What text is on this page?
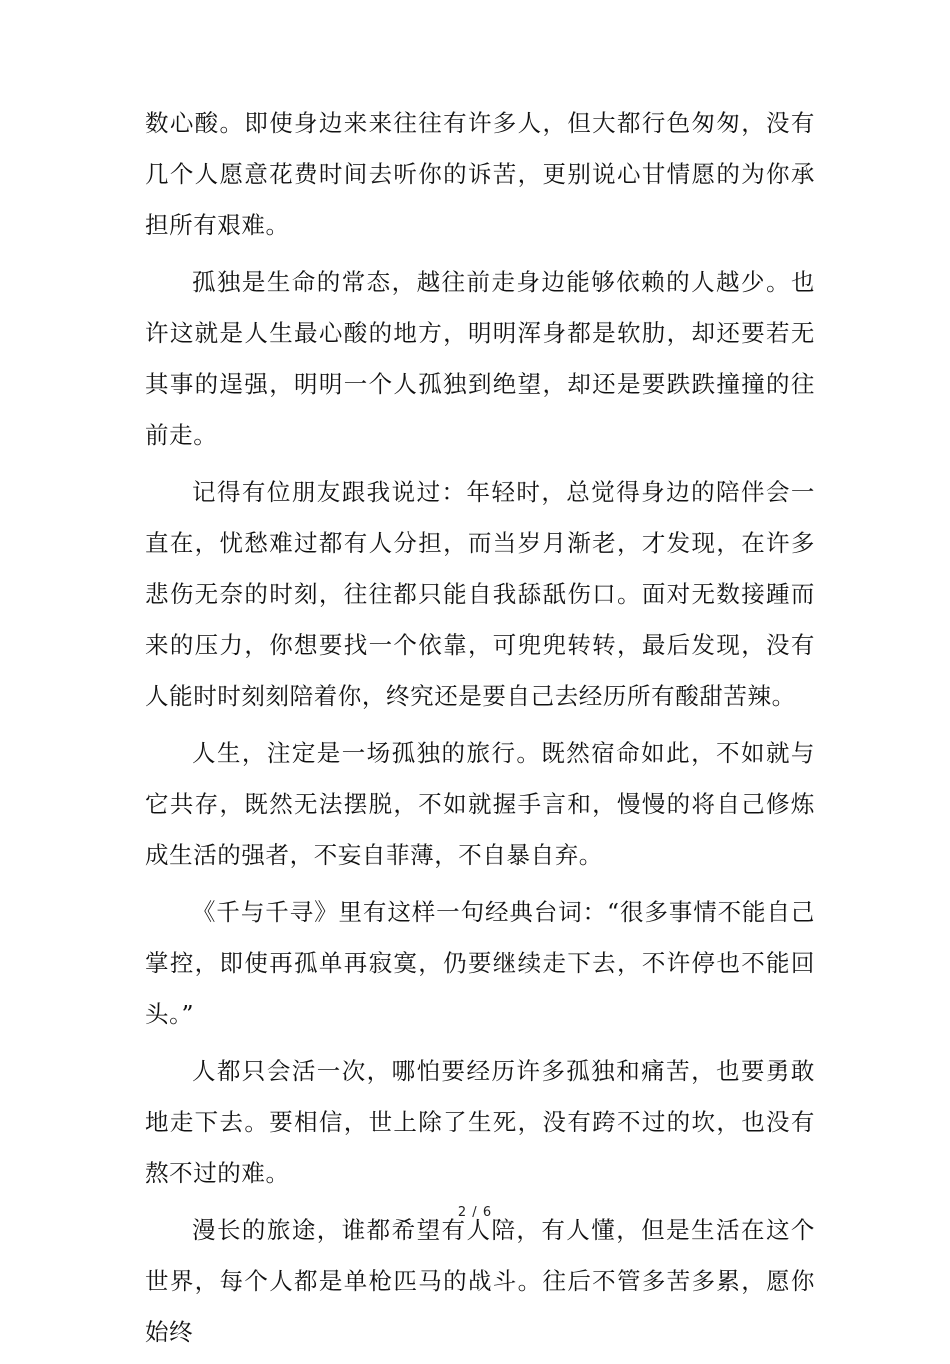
数心酸。即使身边来来往往有许多人，但大都行色匆匆，没有几个人愿意花费时间去听你的诉苦，更别说心甘情愿的为你承担所有艰难。

孤独是生命的常态，越往前走身边能够依赖的人越少。也许这就是人生最心酸的地方，明明浑身都是软肋，却还要若无其事的逞强，明明一个人孤独到绝望，却还是要跌跌撞撞的往前走。

记得有位朋友跟我说过：年轻时，总觉得身边的陪伴会一直在，忧愁难过都有人分担，而当岁月渐老，才发现，在许多悲伤无奈的时刻，往往都只能自我舔舐伤口。面对无数接踵而来的压力，你想要找一个依靠，可兜兜转转，最后发现，没有人能时时刻刻陪着你，终究还是要自己去经历所有酸甜苦辣。

人生，注定是一场孤独的旅行。既然宿命如此，不如就与它共存，既然无法摆脱，不如就握手言和，慢慢的将自己修炼成生活的强者，不妄自菲薄，不自暴自弃。

《千与千寻》里有这样一句经典台词：“很多事情不能自己掌控，即使再孤单再寂寞，仍要继续走下去，不许停也不能回头。”

人都只会活一次，哪怕要经历许多孤独和痛苦，也要勇敢地走下去。要相信，世上除了生死，没有跨不过的坎，也没有熬不过的难。

漫长的旅途，谁都希望有人陪，有人懂，但是生活在这个世界，每个人都是单枪匹马的战斗。往后不管多苦多累，愿你始终

2 / 6
